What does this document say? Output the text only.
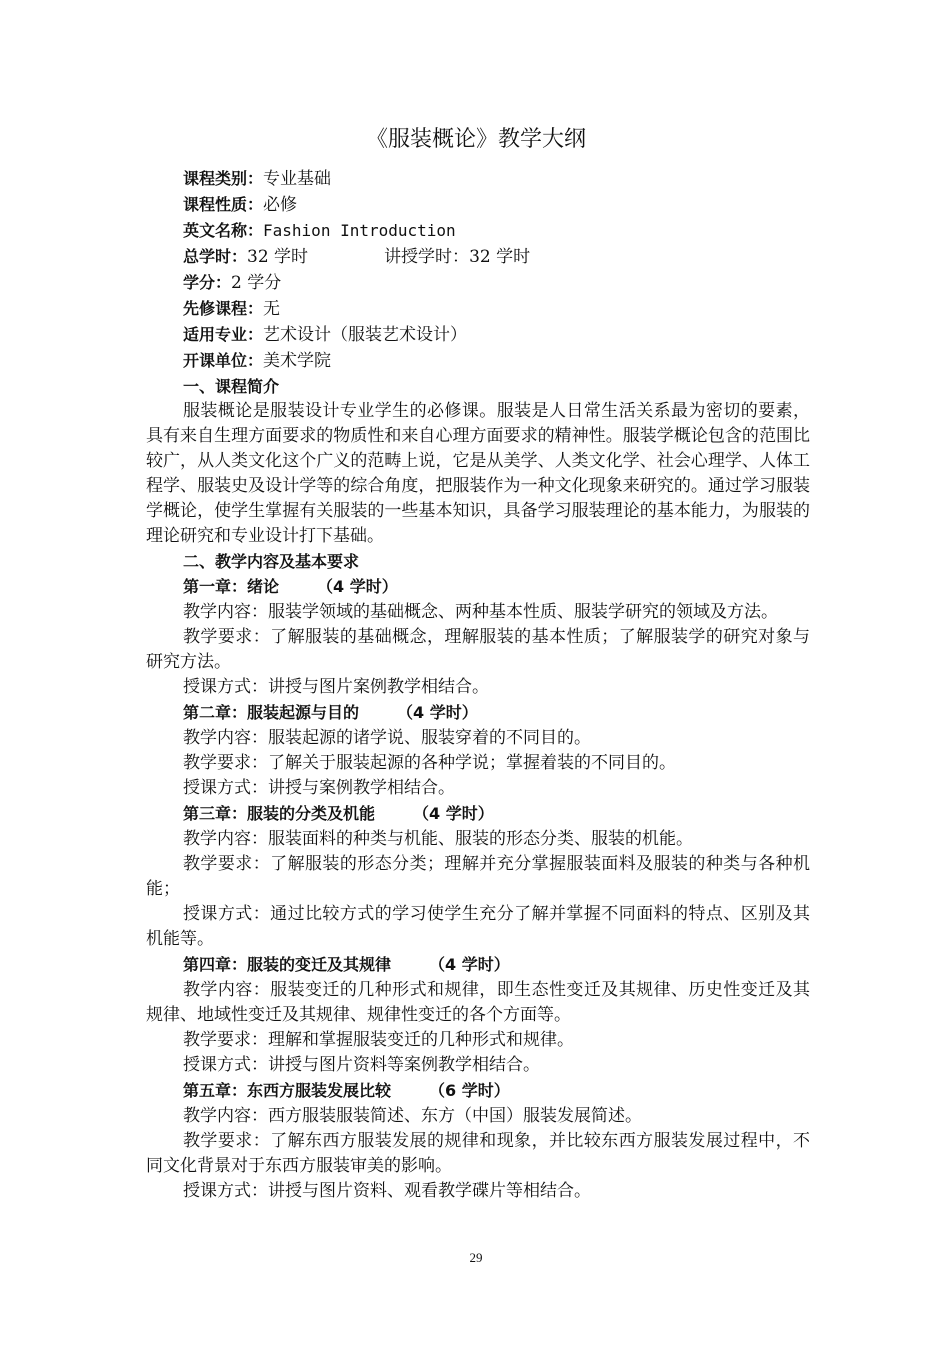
《服装概论》教学大纲

课程类别：专业基础

课程性质：必修

英文名称：Fashion Introduction

总学时：32 学时	讲授学时：32 学时

学分：2 学分

先修课程：无

适用专业：艺术设计（服装艺术设计）

开课单位：美术学院

一、课程简介

服装概论是服装设计专业学生的必修课。服装是人日常生活关系最为密切的要素，具有来自生理方面要求的物质性和来自心理方面要求的精神性。服装学概论包含的范围比较广，从人类文化这个广义的范畴上说，它是从美学、人类文化学、社会心理学、人体工程学、服装史及设计学等的综合角度，把服装作为一种文化现象来研究的。通过学习服装学概论，使学生掌握有关服装的一些基本知识，具备学习服装理论的基本能力，为服装的理论研究和专业设计打下基础。

二、教学内容及基本要求

第一章：绪论 （4 学时）

教学内容：服装学领域的基础概念、两种基本性质、服装学研究的领域及方法。

教学要求：了解服装的基础概念，理解服装的基本性质；了解服装学的研究对象与研究方法。

授课方式：讲授与图片案例教学相结合。

第二章：服装起源与目的 （4 学时）

教学内容：服装起源的诸学说、服装穿着的不同目的。

教学要求：了解关于服装起源的各种学说；掌握着装的不同目的。

授课方式：讲授与案例教学相结合。

第三章：服装的分类及机能 （4 学时）

教学内容：服装面料的种类与机能、服装的形态分类、服装的机能。

教学要求：了解服装的形态分类；理解并充分掌握服装面料及服装的种类与各种机能；

授课方式：通过比较方式的学习使学生充分了解并掌握不同面料的特点、区别及其机能等。

第四章：服装的变迁及其规律 （4 学时）

教学内容：服装变迁的几种形式和规律，即生态性变迁及其规律、历史性变迁及其规律、地域性变迁及其规律、规律性变迁的各个方面等。

教学要求：理解和掌握服装变迁的几种形式和规律。

授课方式：讲授与图片资料等案例教学相结合。

第五章：东西方服装发展比较 （6 学时）

教学内容：西方服装服装简述、东方（中国）服装发展简述。

教学要求：了解东西方服装发展的规律和现象，并比较东西方服装发展过程中，不同文化背景对于东西方服装审美的影响。

授课方式：讲授与图片资料、观看教学碟片等相结合。

29
